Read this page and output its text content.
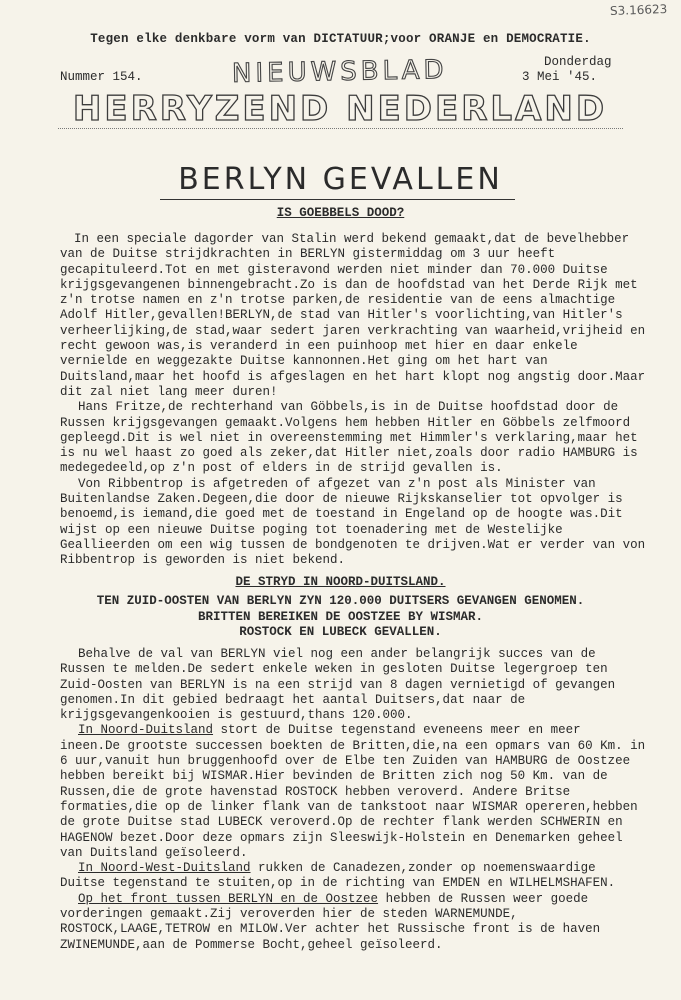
S3.16623
Tegen elke denkbare vorm van DICTATUUR;voor ORANJE en DEMOCRATIE.
Nummer 154.	NIEUWSBLAD	Donderdag
3 Mei '45.
HERRYZEND NEDERLAND
BERLYN GEVALLEN
IS GOEBBELS DOOD?

In een speciale dagorder van Stalin werd bekend gemaakt,dat de bevelhebber van de Duitse strijdkrachten in BERLYN gistermiddag om 3 uur heeft gecapituleerd.Tot en met gisteravond werden niet minder dan 70.000 Duitse krijgsgevangenen binnengebracht.Zo is dan de hoofdstad van het Derde Rijk met z'n trotse namen en z'n trotse parken,de residentie van de eens almachtige Adolf Hitler,gevallen!BERLYN,de stad van Hitler's voorlichting,van Hitler's verheerlijking,de stad,waar sedert jaren verkrachting van waarheid,vrijheid en recht gewoon was,is veranderd in een puinhoop met hier en daar enkele vernielde en weggezakte Duitse kannonnen.Het ging om het hart van Duitsland,maar het hoofd is afgeslagen en het hart klopt nog angstig door.Maar dit zal niet lang meer duren!

Hans Fritze,de rechterhand van Göbbels,is in de Duitse hoofdstad door de Russen krijgsgevangen gemaakt.Volgens hem hebben Hitler en Göbbels zelfmoord gepleegd.Dit is wel niet in overeenstemming met Himmler's verklaring,maar het is nu wel haast zo goed als zeker,dat Hitler niet,zoals door radio HAMBURG is medegedeeld,op z'n post of elders in de strijd gevallen is.

Von Ribbentrop is afgetreden of afgezet van z'n post als Minister van Buitenlandse Zaken.Degeen,die door de nieuwe Rijkskanselier tot opvolger is benoemd,is iemand,die goed met de toestand in Engeland op de hoogte was.Dit wijst op een nieuwe Duitse poging tot toenadering met de Westelijke Geallieerden om een wig tussen de bondgenoten te drijven.Wat er verder van von Ribbentrop is geworden is niet bekend.

DE STRYD IN NOORD-DUITSLAND.
TEN ZUID-OOSTEN VAN BERLYN ZYN 120.000 DUITSERS GEVANGEN GENOMEN.
BRITTEN BEREIKEN DE OOSTZEE BY WISMAR.
ROSTOCK EN LUBECK GEVALLEN.

Behalve de val van BERLYN viel nog een ander belangrijk succes van de Russen te melden.De sedert enkele weken in gesloten Duitse legergroep ten Zuid-Oosten van BERLYN is na een strijd van 8 dagen vernietigd of gevangen genomen.In dit gebied bedraagt het aantal Duitsers,dat naar de krijgsgevangenkooien is gestuurd,thans 120.000.

In Noord-Duitsland stort de Duitse tegenstand eveneens meer en meer ineen.De grootste successen boekten de Britten,die,na een opmars van 60 Km. in 6 uur,vanuit hun bruggenhoofd over de Elbe ten Zuiden van HAMBURG de Oostzee hebben bereikt bij WISMAR.Hier bevinden de Britten zich nog 50 Km. van de Russen,die de grote havenstad ROSTOCK hebben veroverd. Andere Britse formaties,die op de linker flank van de tankstoot naar WISMAR opereren,hebben de grote Duitse stad LUBECK veroverd.Op de rechter flank werden SCHWERIN en HAGENOW bezet.Door deze opmars zijn Sleeswijk-Holstein en Denemarken geheel van Duitsland geïsoleerd.

In Noord-West-Duitsland rukken de Canadezen,zonder op noemenswaardige Duitse tegenstand te stuiten,op in de richting van EMDEN en WILHELMSHAFEN.

Op het front tussen BERLYN en de Oostzee hebben de Russen weer goede vorderingen gemaakt.Zij veroverden hier de steden WARNEMUNDE, ROSTOCK,LAAGE,TETROW en MILOW.Ver achter het Russische front is de haven ZWINEMUNDE,aan de Pommerse Bocht,geheel geïsoleerd.
